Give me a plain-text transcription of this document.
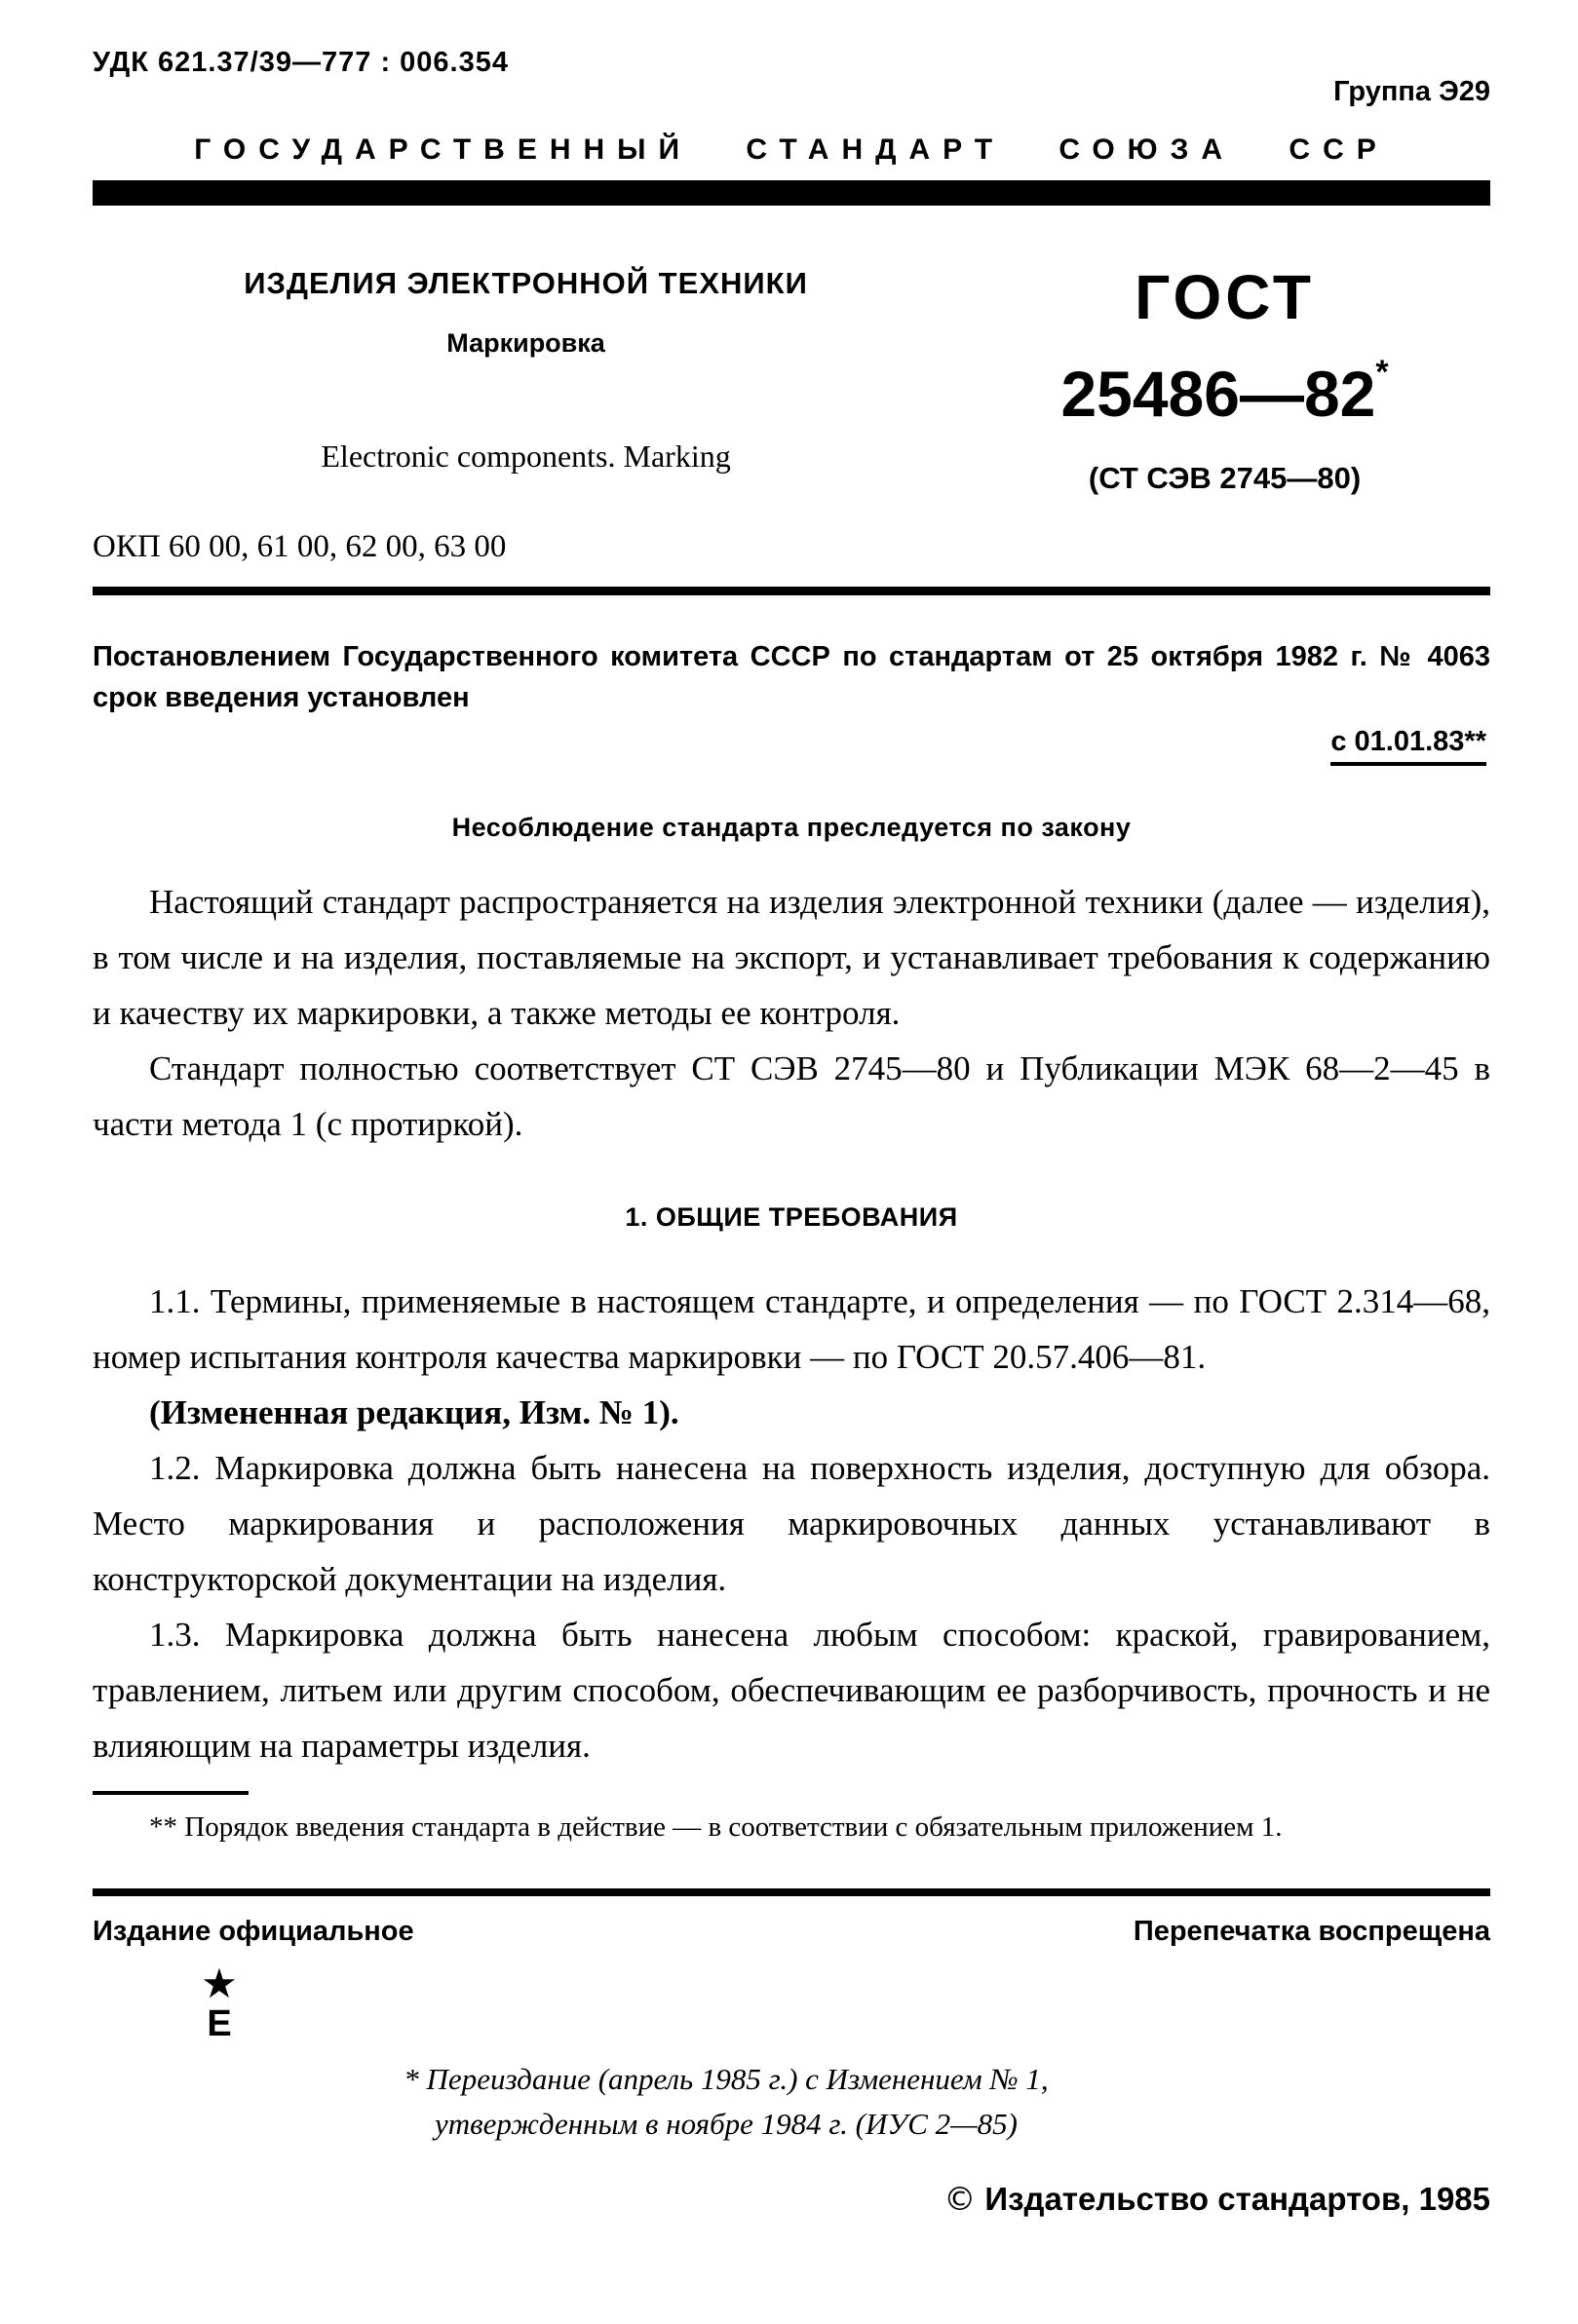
УДК 621.37/39—777 : 006.354
Группа Э29
ГОСУДАРСТВЕННЫЙ СТАНДАРТ СОЮЗА ССР
ИЗДЕЛИЯ ЭЛЕКТРОННОЙ ТЕХНИКИ
Маркировка
Electronic components. Marking
ГОСТ
25486—82*
(СТ СЭВ 2745—80)
ОКП 60 00, 61 00, 62 00, 63 00
Постановлением Государственного комитета СССР по стандартам от 25 октября 1982 г. № 4063 срок введения установлен
с 01.01.83**
Несоблюдение стандарта преследуется по закону

Настоящий стандарт распространяется на изделия электронной техники (далее — изделия), в том числе и на изделия, поставляемые на экспорт, и устанавливает требования к содержанию и качеству их маркировки, а также методы ее контроля.

Стандарт полностью соответствует СТ СЭВ 2745—80 и Публикации МЭК 68—2—45 в части метода 1 (с протиркой).

1. ОБЩИЕ ТРЕБОВАНИЯ

1.1. Термины, применяемые в настоящем стандарте, и определения — по ГОСТ 2.314—68, номер испытания контроля качества маркировки — по ГОСТ 20.57.406—81.

(Измененная редакция, Изм. № 1).

1.2. Маркировка должна быть нанесена на поверхность изделия, доступную для обзора. Место маркирования и расположения маркировочных данных устанавливают в конструкторской документации на изделия.

1.3. Маркировка должна быть нанесена любым способом: краской, гравированием, травлением, литьем или другим способом, обеспечивающим ее разборчивость, прочность и не влияющим на параметры изделия.

** Порядок введения стандарта в действие — в соответствии с обязательным приложением 1.
Издание официальное	Перепечатка воспрещена
★
Е
* Переиздание (апрель 1985 г.) с Изменением № 1,
утвержденным в ноябре 1984 г. (ИУС 2—85)
© Издательство стандартов, 1985
